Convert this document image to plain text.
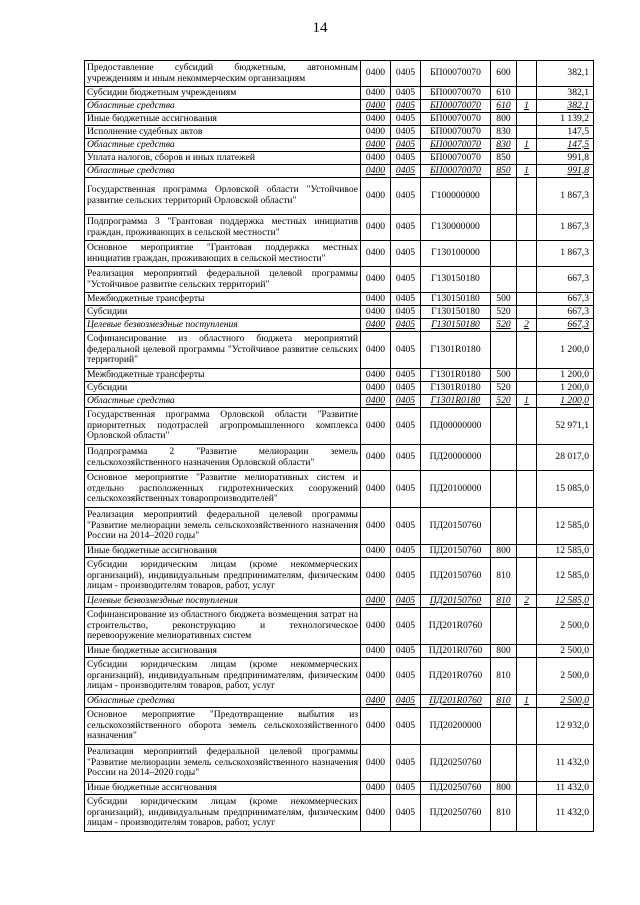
14
Предоставление субсидий бюджетным, автономным учреждениям и иным некоммерческим организациям	0400	0405	БП00070070	600		382,1
Субсидии бюджетным учреждениям	0400	0405	БП00070070	610		382,1
Областные средства	0400	0405	БП00070070	610	1	382,1
Иные бюджетные ассигнования	0400	0405	БП00070070	800		1 139,2
Исполнение судебных актов	0400	0405	БП00070070	830		147,5
Областные средства	0400	0405	БП00070070	830	1	147,5
Уплата налогов, сборов и иных платежей	0400	0405	БП00070070	850		991,8
Областные средства	0400	0405	БП00070070	850	1	991,8
Государственная программа Орловской области "Устойчивое развитие сельских территорий Орловской области"	0400	0405	Г100000000			1 867,3
Подпрограмма 3 "Грантовая поддержка местных инициатив граждан, проживающих в сельской местности"	0400	0405	Г130000000			1 867,3
Основное мероприятие "Грантовая поддержка местных инициатив граждан, проживающих в сельской местности"	0400	0405	Г130100000			1 867,3
Реализация мероприятий федеральной целевой программы "Устойчивое развитие сельских территорий"	0400	0405	Г130150180			667,3
Межбюджетные трансферты	0400	0405	Г130150180	500		667,3
Субсидии	0400	0405	Г130150180	520		667,3
Целевые безвозмездные поступления	0400	0405	Г130150180	520	2	667,3
Софинансирование из областного бюджета мероприятий федеральной целевой программы "Устойчивое развитие сельских территорий"	0400	0405	Г1301R0180			1 200,0
Межбюджетные трансферты	0400	0405	Г1301R0180	500		1 200,0
Субсидии	0400	0405	Г1301R0180	520		1 200,0
Областные средства	0400	0405	Г1301R0180	520	1	1 200,0
Государственная программа Орловской области "Развитие приоритетных подотраслей агропромышленного комплекса Орловской области"	0400	0405	ПД00000000			52 971,1
Подпрограмма 2 "Развитие мелиорации земель сельскохозяйственного назначения Орловской области"	0400	0405	ПД20000000			28 017,0
Основное мероприятие "Развитие мелиоративных систем и отдельно расположенных гидротехнических сооружений сельскохозяйственных товаропроизводителей"	0400	0405	ПД20100000			15 085,0
Реализация мероприятий федеральной целевой программы "Развитие мелиорации земель сельскохозяйственного назначения России на 2014–2020 годы"	0400	0405	ПД20150760			12 585,0
Иные бюджетные ассигнования	0400	0405	ПД20150760	800		12 585,0
Субсидии юридическим лицам (кроме некоммерческих организаций), индивидуальным предпринимателям, физическим лицам - производителям товаров, работ, услуг	0400	0405	ПД20150760	810		12 585,0
Целевые безвозмездные поступления	0400	0405	ПД20150760	810	2	12 585,0
Софинансирование из областного бюджета возмещения затрат на строительство, реконструкцию и технологическое перевооружение мелиоративных систем	0400	0405	ПД201R0760			2 500,0
Иные бюджетные ассигнования	0400	0405	ПД201R0760	800		2 500,0
Субсидии юридическим лицам (кроме некоммерческих организаций), индивидуальным предпринимателям, физическим лицам - производителям товаров, работ, услуг	0400	0405	ПД201R0760	810		2 500,0
Областные средства	0400	0405	ПД201R0760	810	1	2 500,0
Основное мероприятие "Предотвращение выбытия из сельскохозяйственного оборота земель сельскохозяйственного назначения"	0400	0405	ПД20200000			12 932,0
Реализация мероприятий федеральной целевой программы "Развитие мелиорации земель сельскохозяйственного назначения России на 2014–2020 годы"	0400	0405	ПД20250760			11 432,0
Иные бюджетные ассигнования	0400	0405	ПД20250760	800		11 432,0
Субсидии юридическим лицам (кроме некоммерческих организаций), индивидуальным предпринимателям, физическим лицам - производителям товаров, работ, услуг	0400	0405	ПД20250760	810		11 432,0
